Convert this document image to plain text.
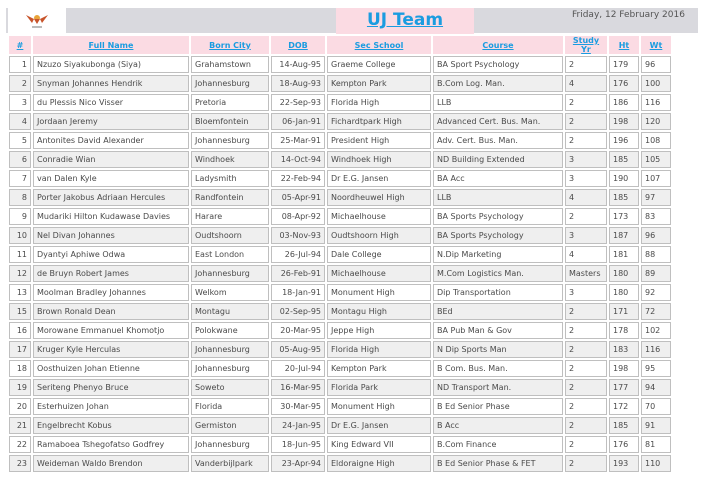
UJ Team	Friday, 12 February 2016
#	Full Name	Born City	DOB	Sec School	Course	Study Yr	Ht	Wt
1	Nzuzo Siyakubonga (Siya)	Grahamstown	14-Aug-95	Graeme College	BA Sport Psychology	2	179	96
2	Snyman Johannes Hendrik	Johannesburg	18-Aug-93	Kempton Park	B.Com Log. Man.	4	176	100
3	du Plessis Nico Visser	Pretoria	22-Sep-93	Florida High	LLB	2	186	116
4	Jordaan Jeremy	Bloemfontein	06-Jan-91	Fichardtpark High	Advanced Cert. Bus. Man.	2	198	120
5	Antonites David Alexander	Johannesburg	25-Mar-91	President High	Adv. Cert. Bus. Man.	2	196	108
6	Conradie Wian	Windhoek	14-Oct-94	Windhoek High	ND Building Extended	3	185	105
7	van Dalen Kyle	Ladysmith	22-Feb-94	Dr E.G. Jansen	BA Acc	3	190	107
8	Porter Jakobus Adriaan Hercules	Randfontein	05-Apr-91	Noordheuwel High	LLB	4	185	97
9	Mudariki Hilton Kudawase Davies	Harare	08-Apr-92	Michaelhouse	BA Sports Psychology	2	173	83
10	Nel Divan Johannes	Oudtshoorn	03-Nov-93	Oudtshoorn High	BA Sports Psychology	3	187	96
11	Dyantyi Aphiwe Odwa	East London	26-Jul-94	Dale College	N.Dip Marketing	4	181	88
12	de Bruyn Robert James	Johannesburg	26-Feb-91	Michaelhouse	M.Com Logistics Man.	Masters	180	89
13	Moolman Bradley Johannes	Welkom	18-Jan-91	Monument High	Dip Transportation	3	180	92
15	Brown Ronald Dean	Montagu	02-Sep-95	Montagu High	BEd	2	171	72
16	Morowane Emmanuel Khomotjo	Polokwane	20-Mar-95	Jeppe High	BA Pub Man & Gov	2	178	102
17	Kruger Kyle Herculas	Johannesburg	05-Aug-95	Florida High	N Dip Sports Man	2	183	116
18	Oosthuizen Johan Etienne	Johannesburg	20-Jul-94	Kempton Park	B Com. Bus. Man.	2	198	95
19	Seriteng Phenyo Bruce	Soweto	16-Mar-95	Florida Park	ND Transport Man.	2	177	94
20	Esterhuizen Johan	Florida	30-Mar-95	Monument High	B Ed Senior Phase	2	172	70
21	Engelbrecht Kobus	Germiston	24-Jan-95	Dr E.G. Jansen	B Acc	2	185	91
22	Ramaboea Tshegofatso Godfrey	Johannesburg	18-Jun-95	King Edward VII	B.Com Finance	2	176	81
23	Weideman Waldo Brendon	Vanderbijlpark	23-Apr-94	Eldoraigne High	B Ed Senior Phase & FET	2	193	110
